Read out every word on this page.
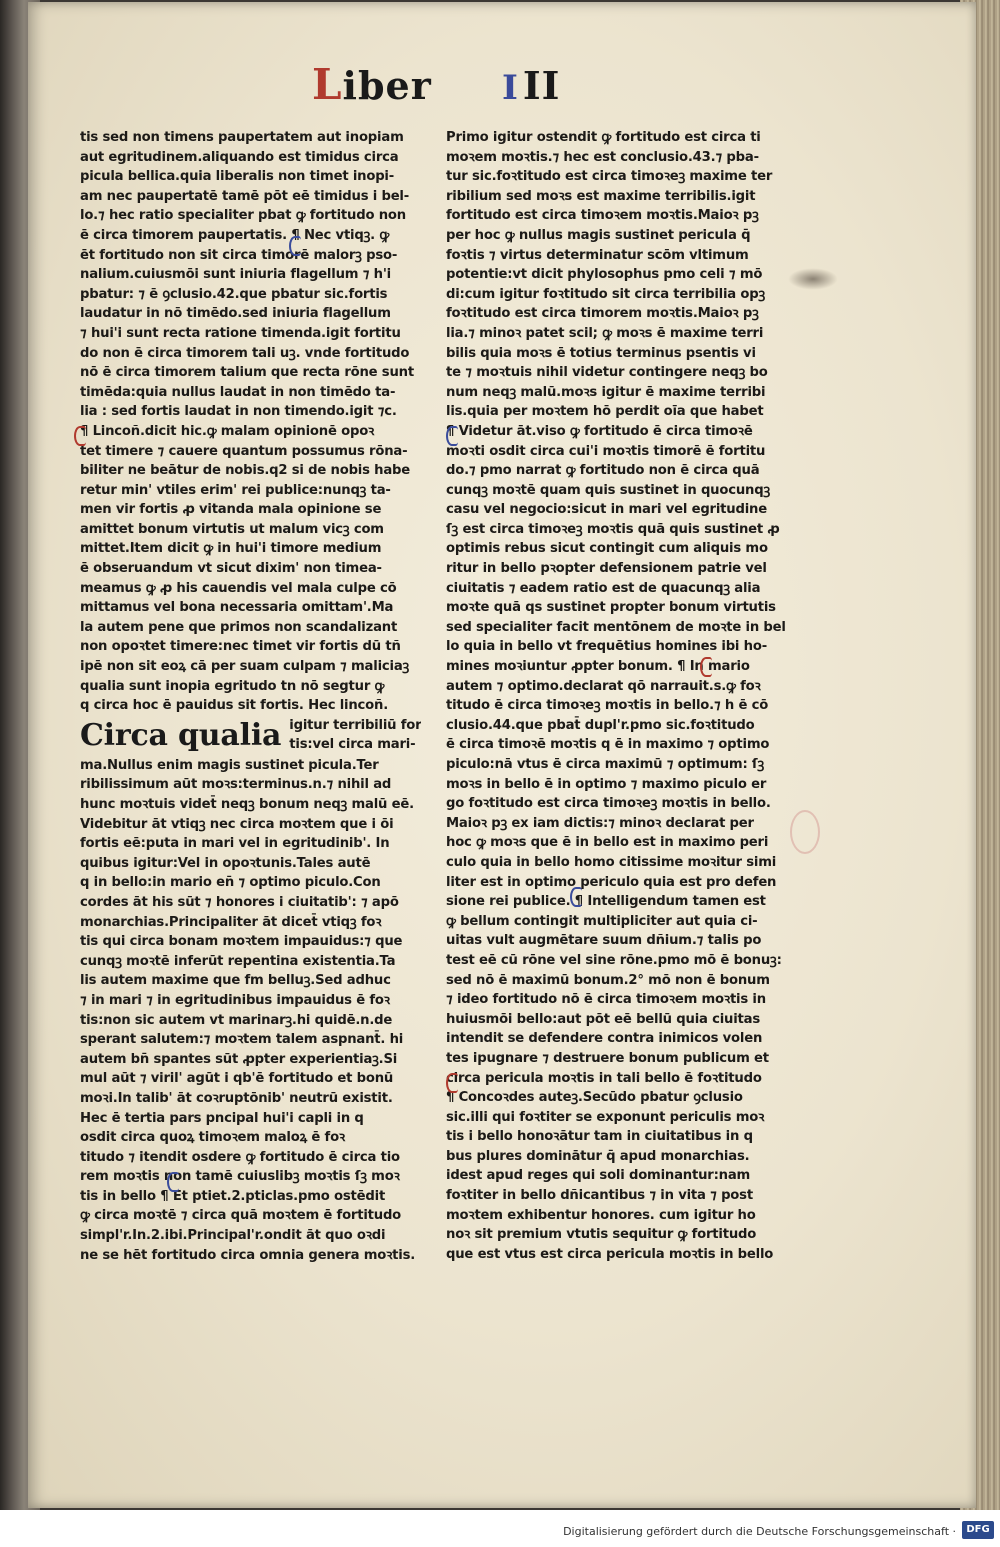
Liber I II
tis sed non timens paupertatem aut inopiam
aut egritudinem.aliquando est timidus circa
picula bellica.quia liberalis non timet inopi-
am nec paupertatē tamē pōt eē timidus i bel-
lo.⁊ hec ratio specialiter pbat ꝙ fortitudo non
ē circa timorem paupertatis. ¶ Nec vtiqꝫ. ꝙ
ēt fortitudo non sit circa timorē malorꝫ pso-
nalium.cuiusmōi sunt iniuria flagellum ⁊ h'i
pbatur: ⁊ ē ꝯclusio.42.que pbatur sic.fortis
laudatur in nō timēdo.sed iniuria flagellum
⁊ hui'i sunt recta ratione timenda.igit fortitu
do non ē circa timorem tali uꝫ. vnde fortitudo
nō ē circa timorem talium que recta rōne sunt
timēda:quia nullus laudat in non timēdo ta-
lia : sed fortis laudat in non timendo.igit ⁊c.
¶ Lincoñ.dicit hic.ꝙ malam opinionē opoꝛ
tet timere ⁊ cauere quantum possumus rōna-
biliter ne beātur de nobis.q2 si de nobis habe
retur min' vtiles erim' rei publice:nunqꝫ ta-
men vir fortis ꝓ vitanda mala opinione se
amittet bonum virtutis ut malum vicꝫ com
mittet.Item dicit ꝙ in hui'i timore medium
ē obseruandum vt sicut dixim' non timea-
meamus ꝙ ꝓ his cauendis vel mala culpe cō
mittamus vel bona necessaria omittam'.Ma
la autem pene que primos non scandalizant
non opoꝛtet timere:nec timet vir fortis dū tñ
ipē non sit eoꝝ cā per suam culpam ⁊ maliciaꝫ
qualia sunt inopia egritudo tn nō segtur ꝙ
q circa hoc ē pauidus sit fortis. Hec lincoñ.
Circa qualia igitur terribiliū for
tis:vel circa mari-
ma.Nullus enim magis sustinet picula.Ter
ribilissimum aūt moꝛs:terminus.n.⁊ nihil ad
hunc moꝛtuis videt̄ neqꝫ bonum neqꝫ malū eē.
Videbitur āt vtiqꝫ nec circa moꝛtem que i ōi
fortis eē:puta in mari vel in egritudinib'. In
quibus igitur:Vel in opoꝛtunis.Tales autē
q in bello:in mario en̄ ⁊ optimo piculo.Con
cordes āt his sūt ⁊ honores i ciuitatib': ⁊ apō
monarchias.Principaliter āt dicet̄ vtiqꝫ foꝛ
tis qui circa bonam moꝛtem impauidus:⁊ que
cunqꝫ moꝛtē inferūt repentina existentia.Ta
lis autem maxime que fm belluꝫ.Sed adhuc
⁊ in mari ⁊ in egritudinibus impauidus ē foꝛ
tis:non sic autem vt marinarꝫ.hi quidē.n.de
sperant salutem:⁊ moꝛtem talem aspnant̄. hi
autem bn̄ spantes sūt ꝓpter experientiaꝫ.Si
mul aūt ⁊ viril' agūt i qb'ē fortitudo et bonū
moꝛi.In talib' āt coꝛruptōnib' neutrū existit.
Hec ē tertia pars pncipal hui'i capli in q
osdit circa quoꝝ timoꝛem maloꝝ ē foꝛ
titudo ⁊ itendit osdere ꝙ fortitudo ē circa tio
rem moꝛtis non tamē cuiuslibꝫ moꝛtis ſꝫ moꝛ
tis in bello ¶ Et ptiet.2.pticlas.pmo ostēdit
ꝙ circa moꝛtē ⁊ circa quā moꝛtem ē fortitudo
simpl'r.In.2.ibi.Principal'r.ondit āt quo oꝛdi
ne se hēt fortitudo circa omnia genera moꝛtis.
Primo igitur ostendit ꝙ fortitudo est circa ti
moꝛem moꝛtis.⁊ hec est conclusio.43.⁊ pba-
tur sic.foꝛtitudo est circa timoꝛeꝫ maxime ter
ribilium sed moꝛs est maxime terribilis.igit
fortitudo est circa timoꝛem moꝛtis.Maioꝛ pꝫ
per hoc ꝙ nullus magis sustinet pericula q̄
foꝛtis ⁊ virtus determinatur scōm vltimum
potentie:vt dicit phylosophus pmo celi ⁊ mō
di:cum igitur foꝛtitudo sit circa terribilia opꝫ
foꝛtitudo est circa timorem moꝛtis.Maioꝛ pꝫ
lia.⁊ minoꝛ patet scil; ꝙ moꝛs ē maxime terri
bilis quia moꝛs ē totius terminus psentis vi
te ⁊ moꝛtuis nihil videtur contingere neqꝫ bo
num neqꝫ malū.moꝛs igitur ē maxime terribi
lis.quia per moꝛtem hō perdit oīa que habet
¶ Videtur āt.viso ꝙ fortitudo ē circa timoꝛē
moꝛti osdit circa cui'i moꝛtis timorē ē fortitu
do.⁊ pmo narrat ꝙ fortitudo non ē circa quā
cunqꝫ moꝛtē quam quis sustinet in quocunqꝫ
casu vel negocio:sicut in mari vel egritudine
ſꝫ est circa timoꝛeꝫ moꝛtis quā quis sustinet ꝓ
optimis rebus sicut contingit cum aliquis mo
ritur in bello pꝛopter defensionem patrie vel
ciuitatis ⁊ eadem ratio est de quacunqꝫ alia
moꝛte quā qs sustinet propter bonum virtutis
sed specialiter facit mentōnem de moꝛte in bel
lo quia in bello vt frequētius homines ibi ho-
mines moꝛiuntur ꝓpter bonum. ¶ In mario
autem ⁊ optimo.declarat qō narrauit.s.ꝙ foꝛ
titudo ē circa timoꝛeꝫ moꝛtis in bello.⁊ h ē cō
clusio.44.que pbat̄ dupl'r.pmo sic.foꝛtitudo
ē circa timoꝛē moꝛtis q ē in maximo ⁊ optimo
piculo:nā vtus ē circa maximū ⁊ optimum: ſꝫ
moꝛs in bello ē in optimo ⁊ maximo piculo er
go foꝛtitudo est circa timoꝛeꝫ moꝛtis in bello.
Maioꝛ pꝫ ex iam dictis:⁊ minoꝛ declarat per
hoc ꝙ moꝛs que ē in bello est in maximo peri
culo quia in bello homo citissime moꝛitur simi
liter est in optimo periculo quia est pro defen
sione rei publice. ¶ Intelligendum tamen est
ꝙ bellum contingit multipliciter aut quia ci-
uitas vult augmētare suum dñium.⁊ talis po
test eē cū rōne vel sine rōne.pmo mō ē bonuꝫ:
sed nō ē maximū bonum.2° mō non ē bonum
⁊ ideo fortitudo nō ē circa timoꝛem moꝛtis in
huiusmōi bello:aut pōt eē bellū quia ciuitas
intendit se defendere contra inimicos volen
tes ipugnare ⁊ destruere bonum publicum et
circa pericula moꝛtis in tali bello ē foꝛtitudo
¶ Concoꝛdes auteꝫ.Secūdo pbatur ꝯclusio
sic.illi qui foꝛtiter se exponunt periculis moꝛ
tis i bello honoꝛātur tam in ciuitatibus in q
bus plures dominātur q̄ apud monarchias.
idest apud reges qui soli dominantur:nam
foꝛtiter in bello dñicantibus ⁊ in vita ⁊ post
moꝛtem exhibentur honores. cum igitur ho
noꝛ sit premium vtutis sequitur ꝙ fortitudo
que est vtus est circa pericula moꝛtis in bello
Digitalisierung gefördert durch die Deutsche Forschungsgemeinschaft ·	DFG
